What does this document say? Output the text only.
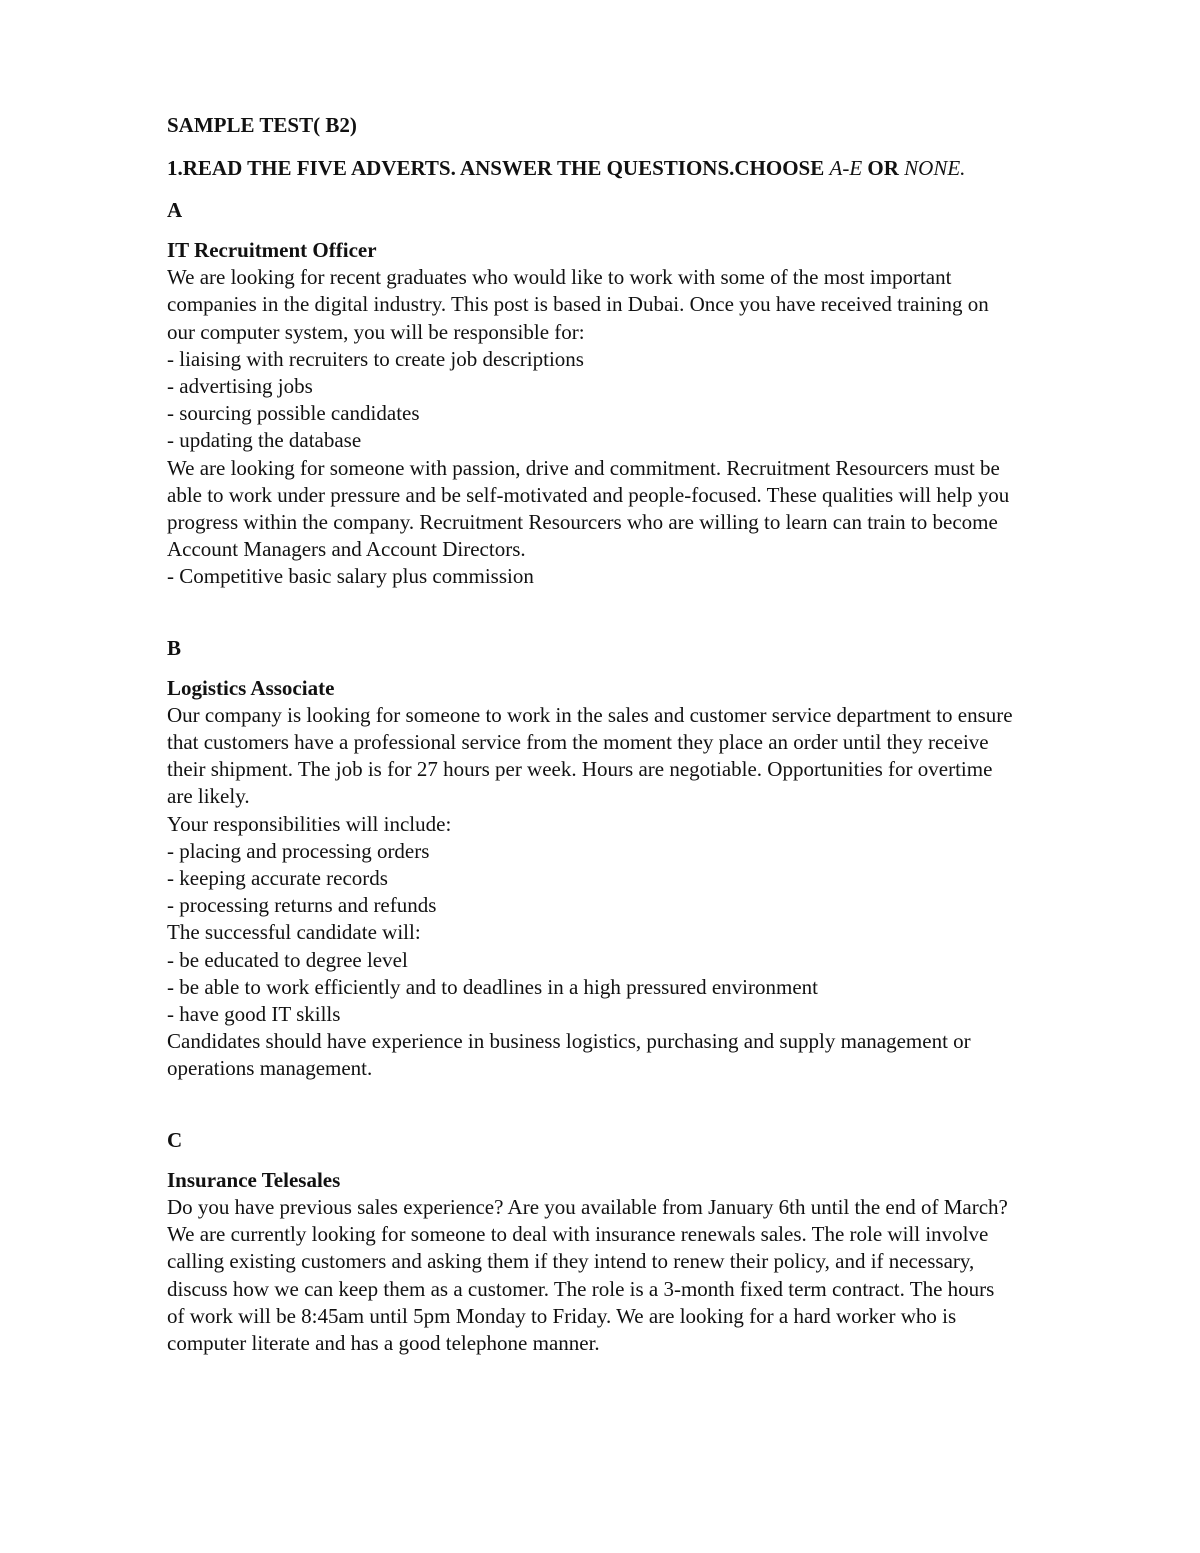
SAMPLE TEST( B2)
1.READ THE FIVE ADVERTS. ANSWER THE QUESTIONS.CHOOSE A-E OR NONE.
A
IT Recruitment Officer
We are looking for recent graduates who would like to work with some of the most important
companies in the digital industry. This post is based in Dubai. Once you have received training on
our computer system, you will be responsible for:
- liaising with recruiters to create job descriptions
- advertising jobs
- sourcing possible candidates
- updating the database
We are looking for someone with passion, drive and commitment. Recruitment Resourcers must be
able to work under pressure and be self-motivated and people-focused. These qualities will help you
progress within the company. Recruitment Resourcers who are willing to learn can train to become
Account Managers and Account Directors.
- Competitive basic salary plus commission
B
Logistics Associate
Our company is looking for someone to work in the sales and customer service department to ensure
that customers have a professional service from the moment they place an order until they receive
their shipment. The job is for 27 hours per week. Hours are negotiable. Opportunities for overtime
are likely.
Your responsibilities will include:
- placing and processing orders
- keeping accurate records
- processing returns and refunds
The successful candidate will:
- be educated to degree level
- be able to work efficiently and to deadlines in a high pressured environment
- have good IT skills
Candidates should have experience in business logistics, purchasing and supply management or
operations management.
C
Insurance Telesales
Do you have previous sales experience? Are you available from January 6th until the end of March?
We are currently looking for someone to deal with insurance renewals sales. The role will involve
calling existing customers and asking them if they intend to renew their policy, and if necessary,
discuss how we can keep them as a customer. The role is a 3-month fixed term contract. The hours
of work will be 8:45am until 5pm Monday to Friday. We are looking for a hard worker who is
computer literate and has a good telephone manner.
